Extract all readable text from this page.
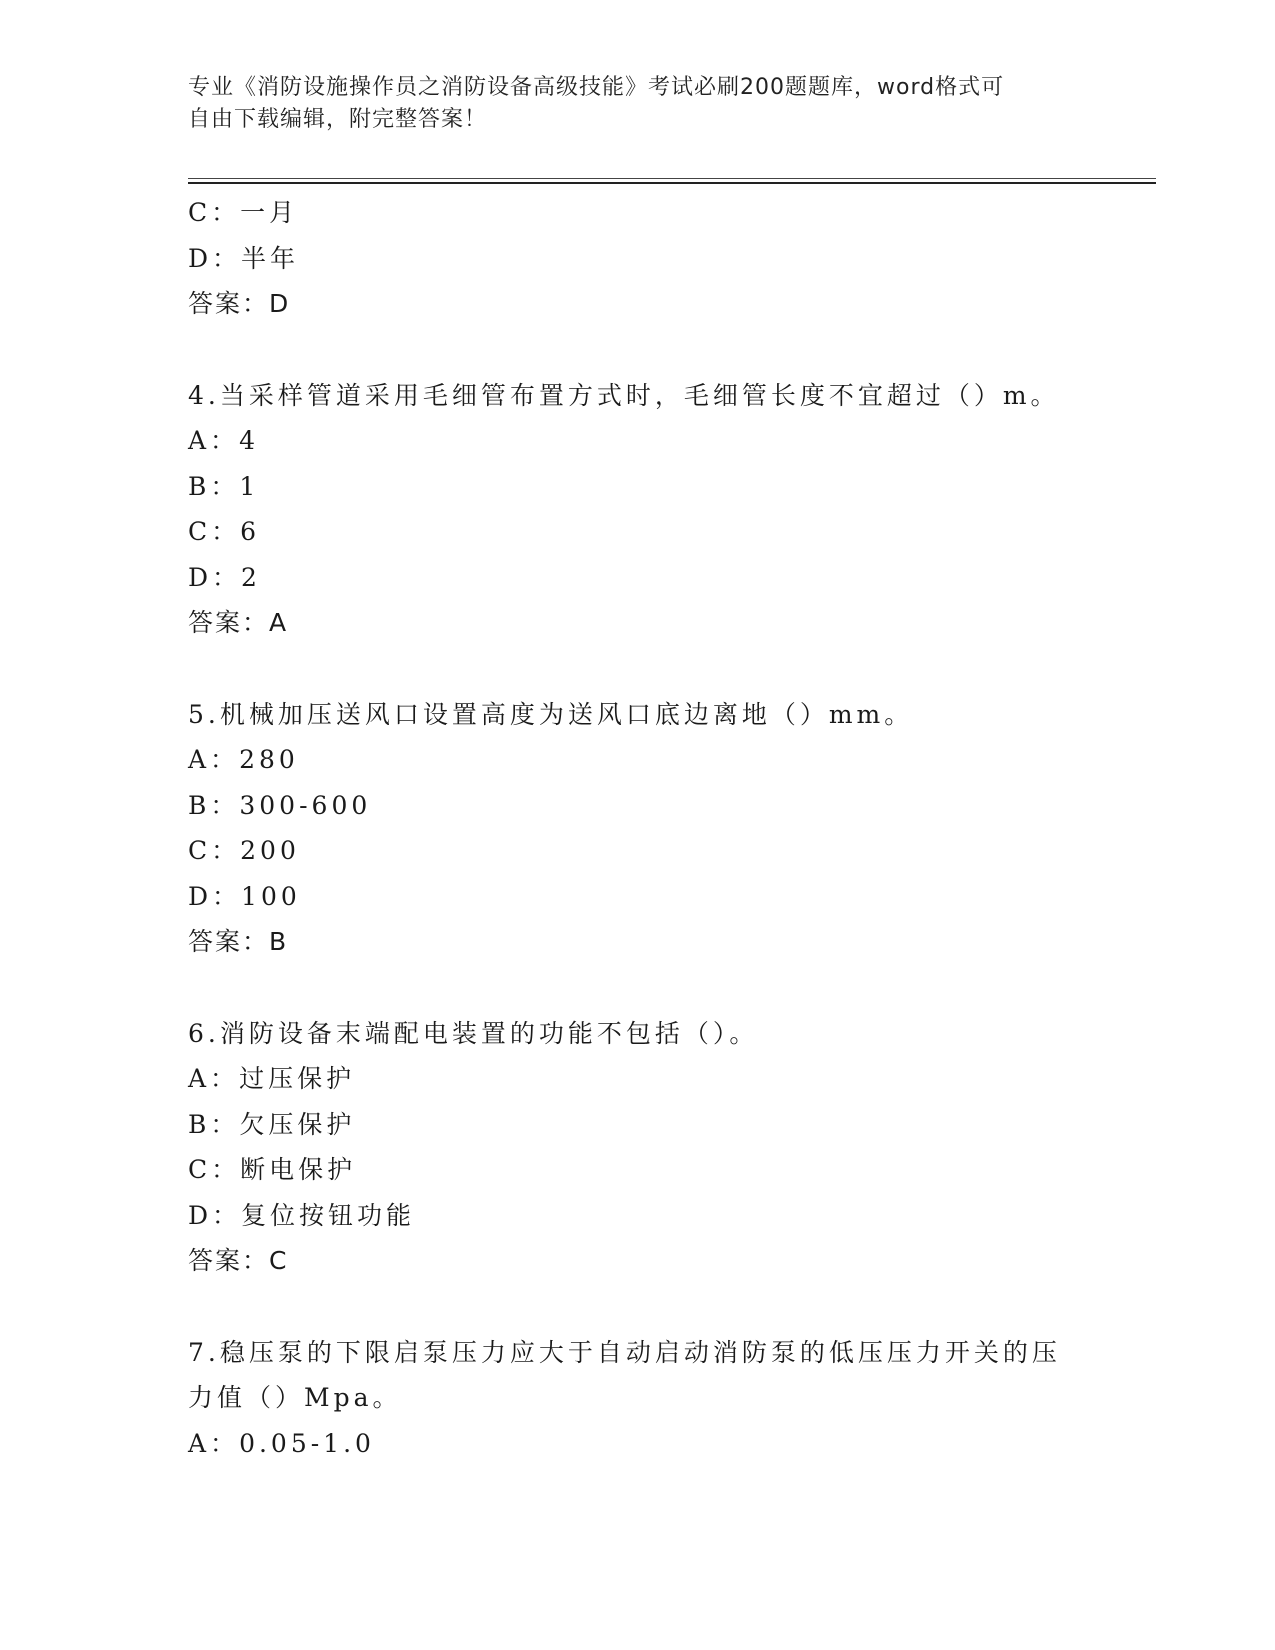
专业《消防设施操作员之消防设备高级技能》考试必刷200题题库，word格式可
自由下载编辑，附完整答案！
C：一月
D：半年
答案：D
4.当采样管道采用毛细管布置方式时，毛细管长度不宜超过（）m。
A：4
B：1
C：6
D：2
答案：A
5.机械加压送风口设置高度为送风口底边离地（）mm。
A：280
B：300-600
C：200
D：100
答案：B
6.消防设备末端配电装置的功能不包括（）。
A：过压保护
B：欠压保护
C：断电保护
D：复位按钮功能
答案：C
7.稳压泵的下限启泵压力应大于自动启动消防泵的低压压力开关的压
力值（）Mpa。
A：0.05-1.0
